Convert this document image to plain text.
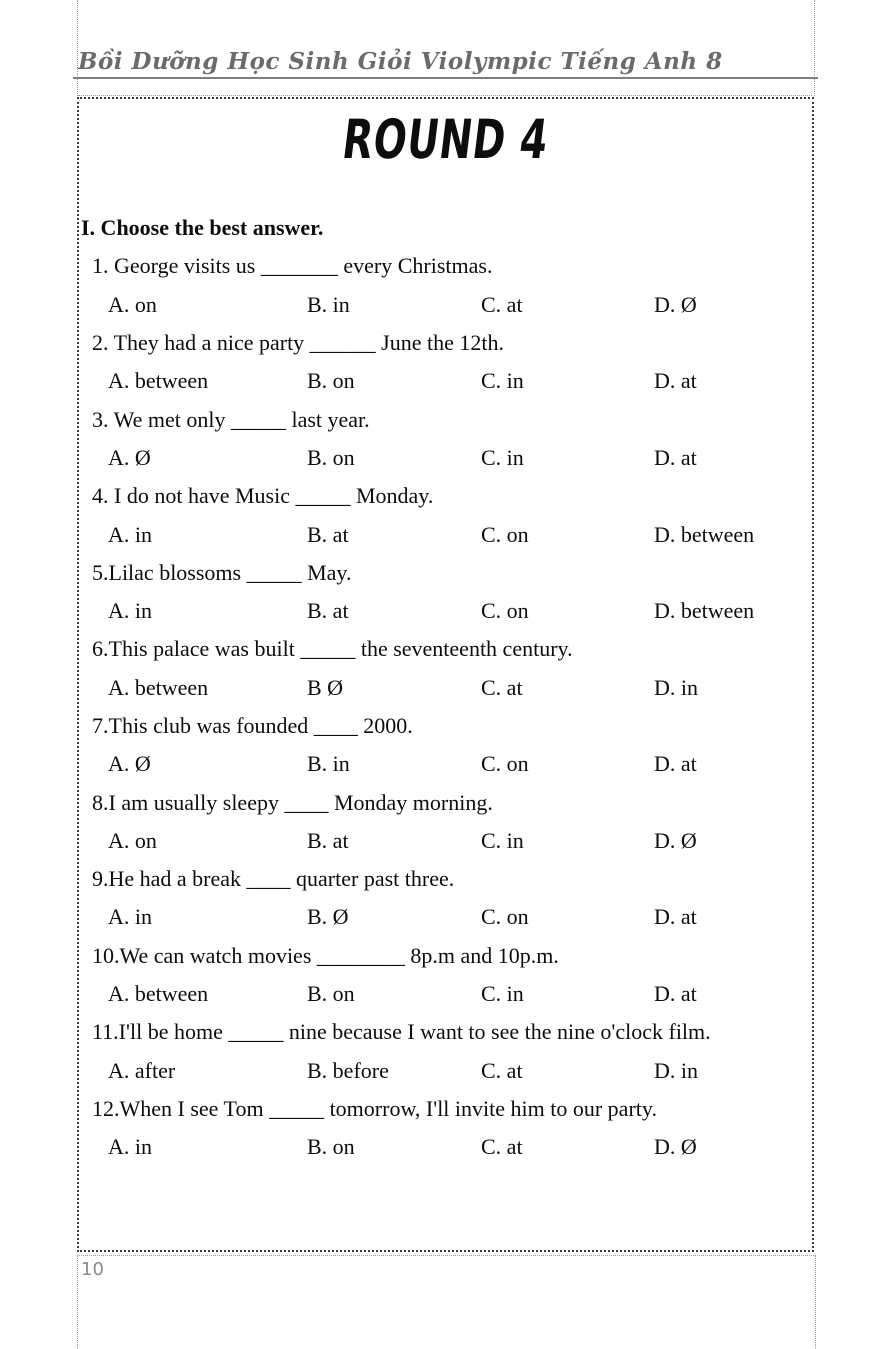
Bồi Dưỡng Học Sinh Giỏi Violympic Tiếng Anh 8
ROUND 4
I. Choose the best answer.
1. George visits us _______ every Christmas.
A. on	B. in	C. at	D. Ø
2. They had a nice party ______ June the 12th.
A. between	B. on	C. in	D. at
3. We met only _____ last year.
A. Ø	B. on	C. in	D. at
4. I do not have Music _____ Monday.
A. in	B. at	C. on	D. between
5.Lilac blossoms _____ May.
A. in	B. at	C. on	D. between
6.This palace was built _____ the seventeenth century.
A. between	B Ø	C. at	D. in
7.This club was founded ____ 2000.
A. Ø	B. in	C. on	D. at
8.I am usually sleepy ____ Monday morning.
A. on	B. at	C. in	D. Ø
9.He had a break ____ quarter past three.
A. in	B. Ø	C. on	D. at
10.We can watch movies ________ 8p.m and 10p.m.
A. between	B. on	C. in	D. at
11.I'll be home _____ nine because I want to see the nine o'clock film.
A. after	B. before	C. at	D. in
12.When I see Tom _____ tomorrow, I'll invite him to our party.
A. in	B. on	C. at	D. Ø
10
